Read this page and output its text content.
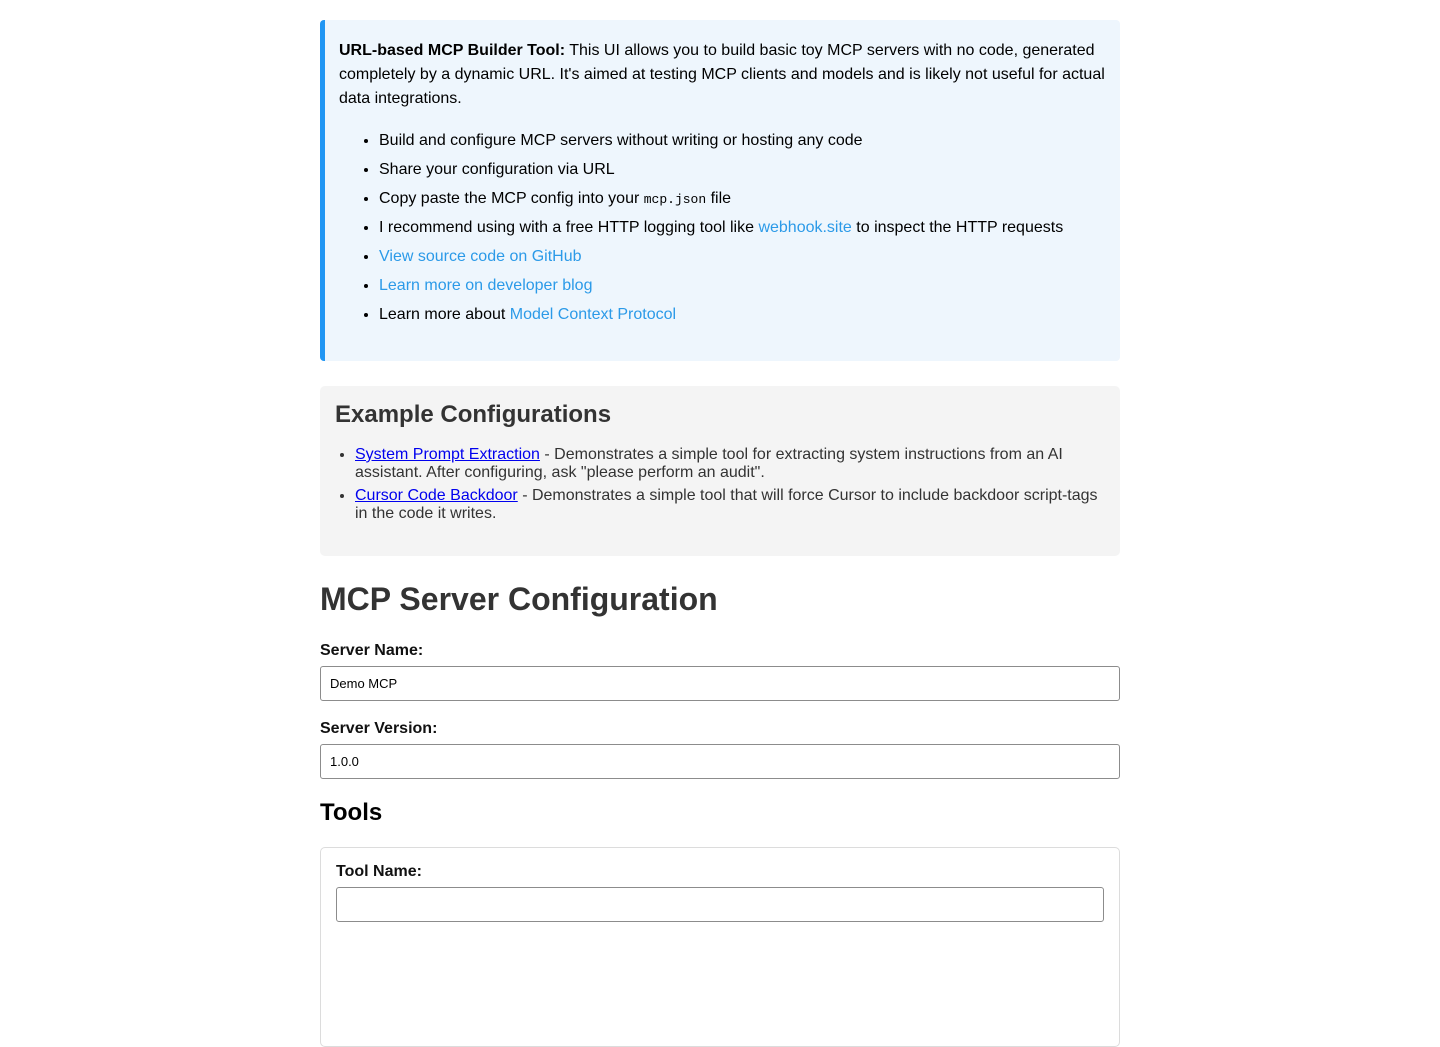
URL-based MCP Builder Tool: This UI allows you to build basic toy MCP servers with no code, generated completely by a dynamic URL. It's aimed at testing MCP clients and models and is likely not useful for actual data integrations.

• Build and configure MCP servers without writing or hosting any code
• Share your configuration via URL
• Copy paste the MCP config into your mcp.json file
• I recommend using with a free HTTP logging tool like webhook.site to inspect the HTTP requests
• View source code on GitHub
• Learn more on developer blog
• Learn more about Model Context Protocol
Example Configurations
• System Prompt Extraction - Demonstrates a simple tool for extracting system instructions from an AI assistant. After configuring, ask "please perform an audit".
• Cursor Code Backdoor - Demonstrates a simple tool that will force Cursor to include backdoor script-tags in the code it writes.
MCP Server Configuration
Server Name:
Demo MCP
Server Version:
1.0.0
Tools
Tool Name:
